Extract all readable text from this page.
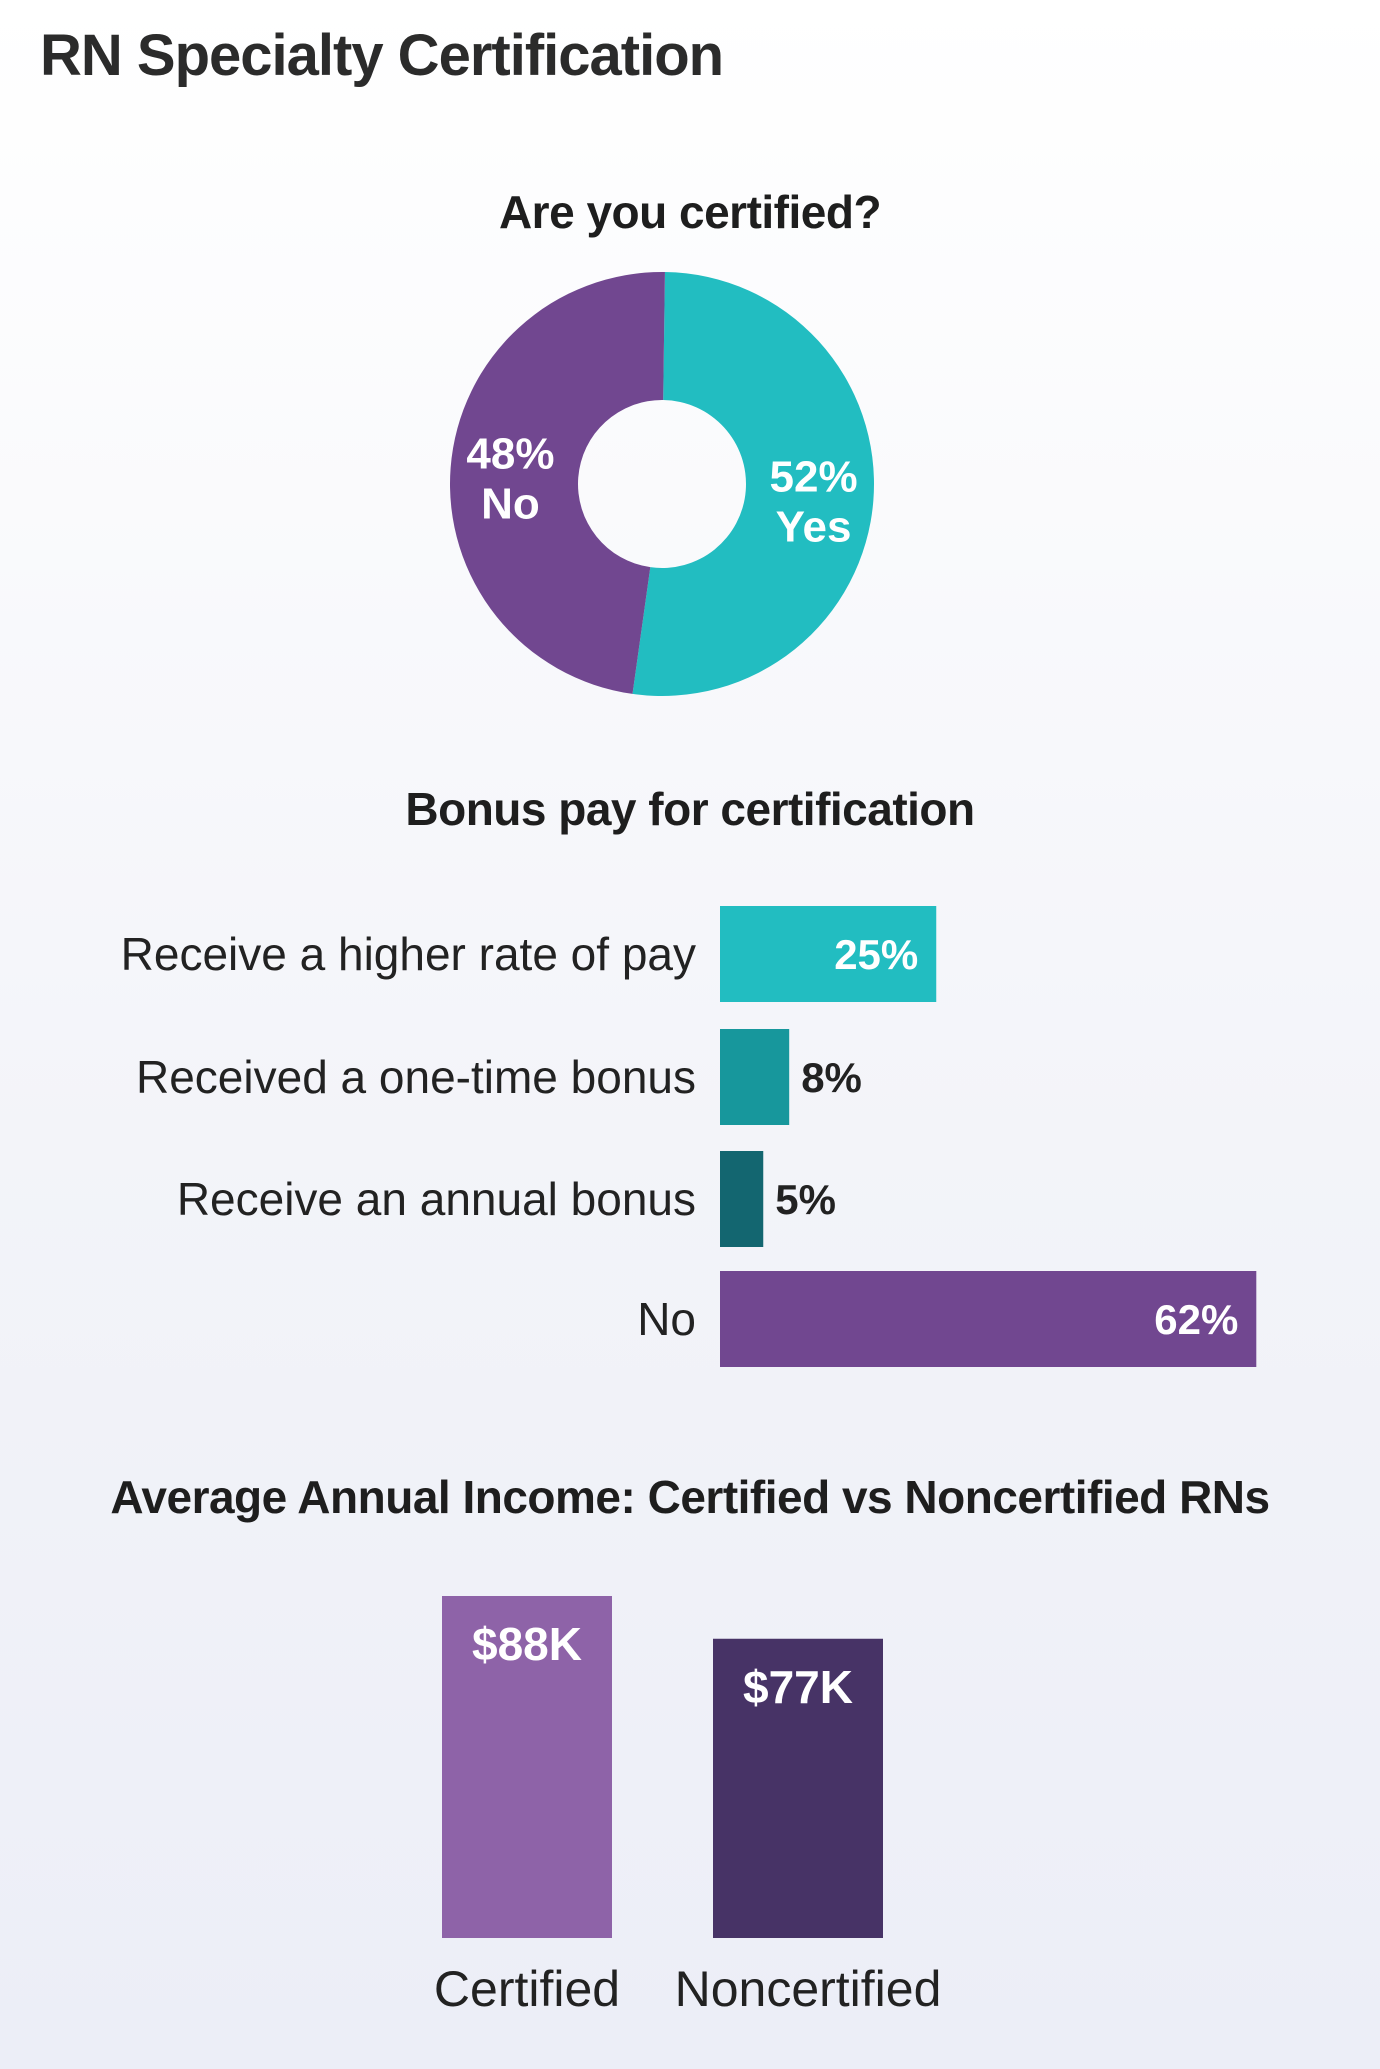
RN Specialty Certification
Are you certified?
52%
Yes
48%
No
Bonus pay for certification
Receive a higher rate of pay	25%
Received a one-time bonus	8%
Receive an annual bonus 5%
No	62%
Average Annual Income: Certified vs Noncertified RNs
$88K
Certified
$77K
Noncertified
